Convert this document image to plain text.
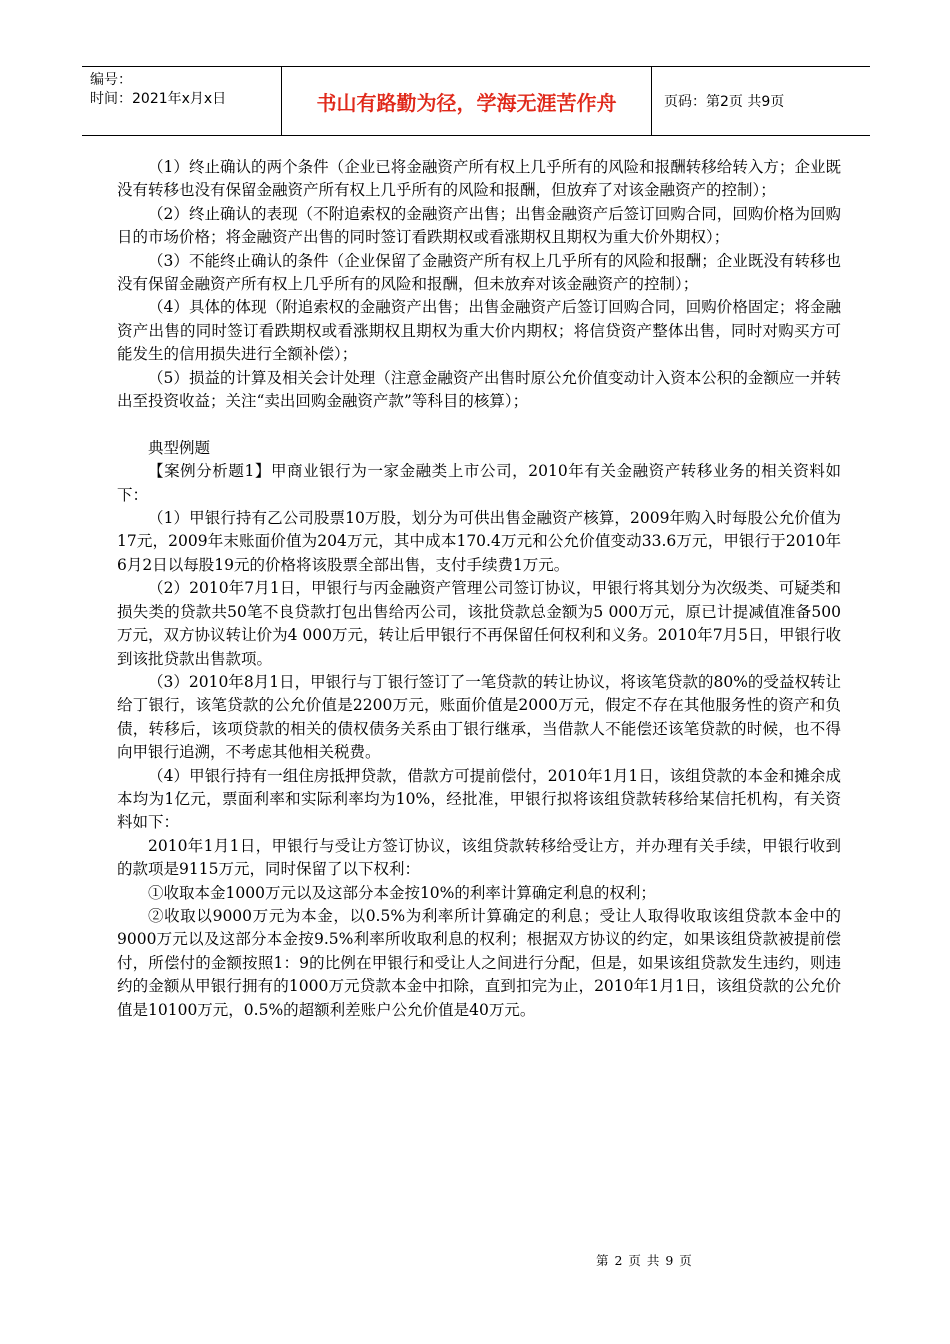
编号：
时间：2021年x月x日	书山有路勤为径，学海无涯苦作舟	页码：第2页 共9页

（1）终止确认的两个条件（企业已将金融资产所有权上几乎所有的风险和报酬转移给转入方；企业既没有转移也没有保留金融资产所有权上几乎所有的风险和报酬，但放弃了对该金融资产的控制）；

（2）终止确认的表现（不附追索权的金融资产出售；出售金融资产后签订回购合同，回购价格为回购日的市场价格；将金融资产出售的同时签订看跌期权或看涨期权且期权为重大价外期权）；

（3）不能终止确认的条件（企业保留了金融资产所有权上几乎所有的风险和报酬；企业既没有转移也没有保留金融资产所有权上几乎所有的风险和报酬，但未放弃对该金融资产的控制）；

（4）具体的体现（附追索权的金融资产出售；出售金融资产后签订回购合同，回购价格固定；将金融资产出售的同时签订看跌期权或看涨期权且期权为重大价内期权；将信贷资产整体出售，同时对购买方可能发生的信用损失进行全额补偿）；

（5）损益的计算及相关会计处理（注意金融资产出售时原公允价值变动计入资本公积的金额应一并转出至投资收益；关注“卖出回购金融资产款”等科目的核算）；

典型例题

【案例分析题1】甲商业银行为一家金融类上市公司，2010年有关金融资产转移业务的相关资料如下：

（1）甲银行持有乙公司股票10万股，划分为可供出售金融资产核算，2009年购入时每股公允价值为17元，2009年末账面价值为204万元，其中成本170.4万元和公允价值变动33.6万元，甲银行于2010年6月2日以每股19元的价格将该股票全部出售，支付手续费1万元。

（2）2010年7月1日，甲银行与丙金融资产管理公司签订协议，甲银行将其划分为次级类、可疑类和损失类的贷款共50笔不良贷款打包出售给丙公司，该批贷款总金额为5 000万元，原已计提减值准备500万元，双方协议转让价为4 000万元，转让后甲银行不再保留任何权利和义务。2010年7月5日，甲银行收到该批贷款出售款项。

（3）2010年8月1日，甲银行与丁银行签订了一笔贷款的转让协议，将该笔贷款的80%的受益权转让给丁银行，该笔贷款的公允价值是2200万元，账面价值是2000万元，假定不存在其他服务性的资产和负债，转移后，该项贷款的相关的债权债务关系由丁银行继承，当借款人不能偿还该笔贷款的时候，也不得向甲银行追溯，不考虑其他相关税费。

（4）甲银行持有一组住房抵押贷款，借款方可提前偿付，2010年1月1日，该组贷款的本金和摊余成本均为1亿元，票面利率和实际利率均为10%，经批准，甲银行拟将该组贷款转移给某信托机构，有关资料如下：

2010年1月1日，甲银行与受让方签订协议，该组贷款转移给受让方，并办理有关手续，甲银行收到的款项是9115万元，同时保留了以下权利：

①收取本金1000万元以及这部分本金按10%的利率计算确定利息的权利；

②收取以9000万元为本金，以0.5%为利率所计算确定的利息；受让人取得收取该组贷款本金中的9000万元以及这部分本金按9.5%利率所收取利息的权利；根据双方协议的约定，如果该组贷款被提前偿付，所偿付的金额按照1：9的比例在甲银行和受让人之间进行分配，但是，如果该组贷款发生违约，则违约的金额从甲银行拥有的1000万元贷款本金中扣除，直到扣完为止，2010年1月1日，该组贷款的公允价值是10100万元，0.5%的超额利差账户公允价值是40万元。

第 2 页 共 9 页
